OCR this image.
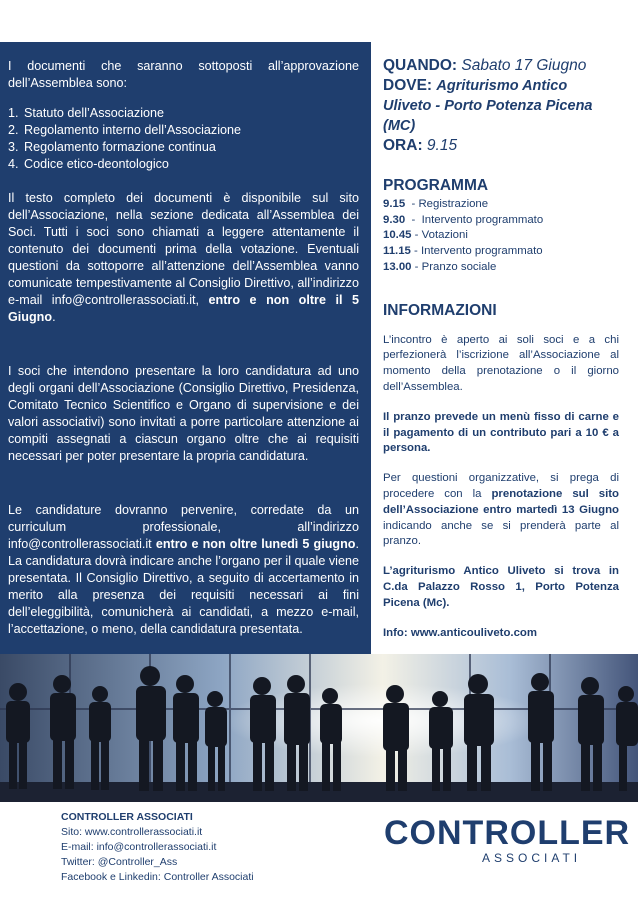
I documenti che saranno sottoposti all’approvazione dell’Assemblea sono:

1. Statuto dell’Associazione
2. Regolamento interno dell’Associazione
3. Regolamento formazione continua
4. Codice etico-deontologico

Il testo completo dei documenti è disponibile sul sito dell’Associazione, nella sezione dedicata all’Assemblea dei Soci. Tutti i soci sono chiamati a leggere attentamente il contenuto dei documenti prima della votazione. Eventuali questioni da sottoporre all’attenzione dell’Assemblea vanno comunicate tempestivamente al Consiglio Direttivo, all’indirizzo e-mail info@controllerassociati.it, entro e non oltre il 5 Giugno.

I soci che intendono presentare la loro candidatura ad uno degli organi dell’Associazione (Consiglio Direttivo, Presidenza, Comitato Tecnico Scientifico e Organo di supervisione e dei valori associativi) sono invitati a porre particolare attenzione ai compiti assegnati a ciascun organo oltre che ai requisiti necessari per poter presentare la propria candidatura.

Le candidature dovranno pervenire, corredate da un curriculum professionale, all’indirizzo info@controllerassociati.it entro e non oltre lunedì 5 giugno. La candidatura dovrà indicare anche l’organo per il quale viene presentata. Il Consiglio Direttivo, a seguito di accertamento in merito alla presenza dei requisiti necessari ai fini dell’eleggibilità, comunicherà ai candidati, a mezzo e-mail, l’accettazione, o meno, della candidatura presentata.

QUANDO: Sabato 17 Giugno
DOVE: Agriturismo Antico Uliveto - Porto Potenza Picena (MC)
ORA: 9.15
PROGRAMMA
9.15  - Registrazione
9.30  -  Intervento programmato
10.45 - Votazioni
11.15 - Intervento programmato
13.00 - Pranzo sociale
INFORMAZIONI

L’incontro è aperto ai soli soci e a chi perfezionerà l’iscrizione all’Associazione al momento della prenotazione o il giorno dell’Assemblea.

Il pranzo prevede un menù fisso di carne e il pagamento di un contributo pari a 10 € a persona.

Per questioni organizzative, si prega di procedere con la prenotazione sul sito dell’Associazione entro martedì 13 Giugno indicando anche se si prenderà parte al pranzo.

L’agriturismo Antico Uliveto si trova in C.da Palazzo Rosso 1, Porto Potenza Picena (Mc).

Info: www.anticouliveto.com

CONTROLLER ASSOCIATI
Sito: www.controllerassociati.it
E-mail: info@controllerassociati.it
Twitter: @Controller_Ass
Facebook e Linkedin: Controller Associati
CONTROLLER
ASSOCIATI
